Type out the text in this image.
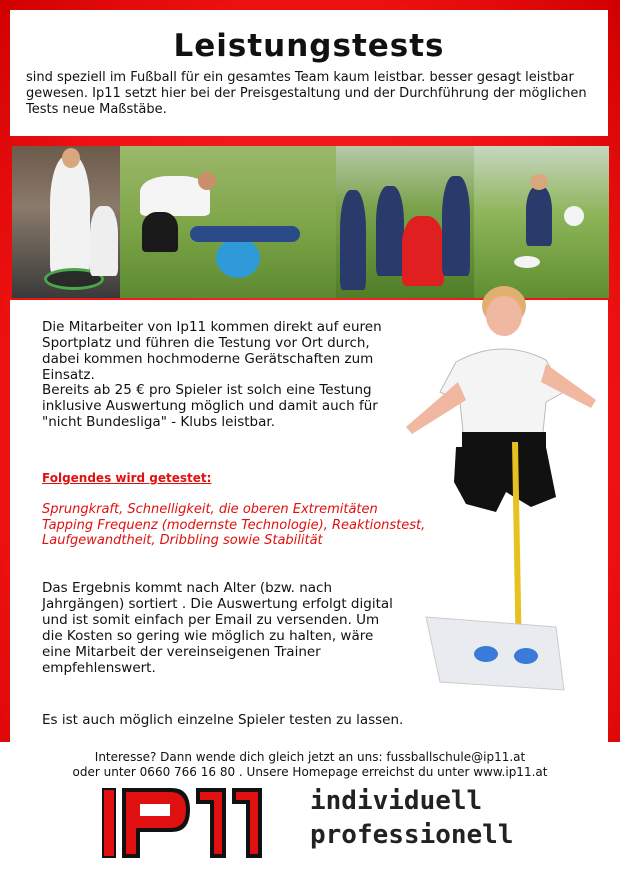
Leistungstests
sind speziell im Fußball für ein gesamtes Team kaum leistbar. besser gesagt leistbar gewesen. Ip11 setzt hier bei der Preisgestaltung und der Durchführung der möglichen Tests neue Maßstäbe.
Die Mitarbeiter von Ip11 kommen direkt auf euren Sportplatz und führen die Testung vor Ort durch, dabei kommen hochmoderne Gerätschaften zum Einsatz.
Bereits ab 25 € pro Spieler ist solch eine Testung inklusive Auswertung möglich und damit auch für "nicht Bundesliga" - Klubs leistbar.
Folgendes wird getestet:
Sprungkraft, Schnelligkeit, die oberen Extremitäten Tapping Frequenz (modernste Technologie), Reaktionstest, Laufgewandtheit, Dribbling sowie Stabilität
Das Ergebnis kommt nach Alter (bzw. nach Jahrgängen) sortiert . Die Auswertung erfolgt digital und ist somit einfach per Email zu versenden. Um die Kosten so gering wie möglich zu halten, wäre eine Mitarbeit der vereinseigenen Trainer empfehlenswert.
Es ist auch möglich einzelne Spieler testen zu lassen.
Interesse? Dann wende dich gleich jetzt an uns: fussballschule@ip11.at
oder unter 0660 766 16 80 . Unsere Homepage erreichst du unter www.ip11.at
individuell
professionell
